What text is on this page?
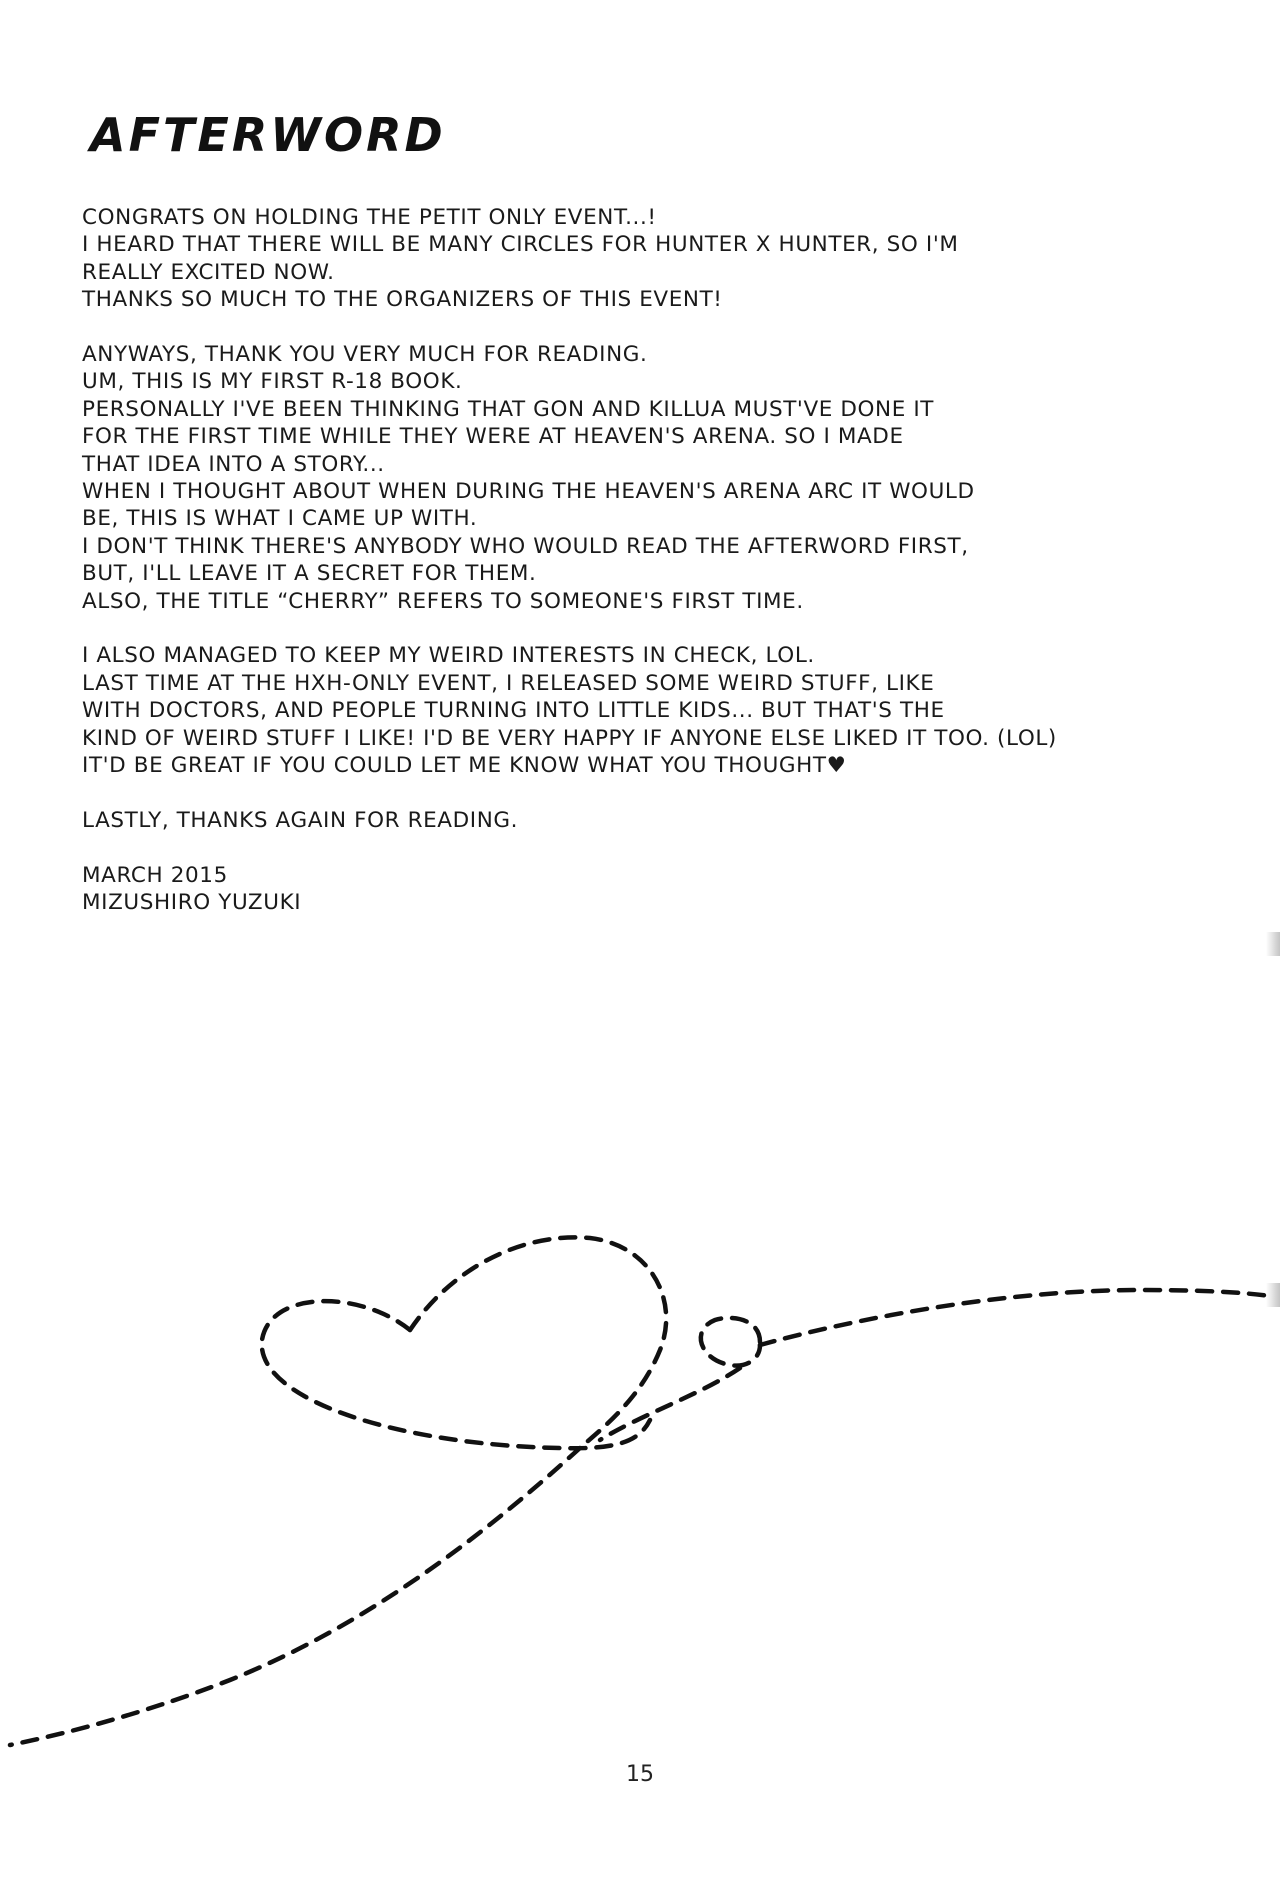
AFTERWORD

CONGRATS ON HOLDING THE PETIT ONLY EVENT...!
I HEARD THAT THERE WILL BE MANY CIRCLES FOR HUNTER X HUNTER, SO I'M
REALLY EXCITED NOW.
THANKS SO MUCH TO THE ORGANIZERS OF THIS EVENT!

ANYWAYS, THANK YOU VERY MUCH FOR READING.
UM, THIS IS MY FIRST R-18 BOOK.
PERSONALLY I'VE BEEN THINKING THAT GON AND KILLUA MUST'VE DONE IT
FOR THE FIRST TIME WHILE THEY WERE AT HEAVEN'S ARENA. SO I MADE
THAT IDEA INTO A STORY...
WHEN I THOUGHT ABOUT WHEN DURING THE HEAVEN'S ARENA ARC IT WOULD
BE, THIS IS WHAT I CAME UP WITH.
I DON'T THINK THERE'S ANYBODY WHO WOULD READ THE AFTERWORD FIRST,
BUT, I'LL LEAVE IT A SECRET FOR THEM.
ALSO, THE TITLE “CHERRY” REFERS TO SOMEONE'S FIRST TIME.

I ALSO MANAGED TO KEEP MY WEIRD INTERESTS IN CHECK, LOL.
LAST TIME AT THE HXH-ONLY EVENT, I RELEASED SOME WEIRD STUFF, LIKE
WITH DOCTORS, AND PEOPLE TURNING INTO LITTLE KIDS... BUT THAT'S THE
KIND OF WEIRD STUFF I LIKE! I'D BE VERY HAPPY IF ANYONE ELSE LIKED IT TOO. (LOL)
IT'D BE GREAT IF YOU COULD LET ME KNOW WHAT YOU THOUGHT♥

LASTLY, THANKS AGAIN FOR READING.

MARCH 2015
MIZUSHIRO YUZUKI

15
